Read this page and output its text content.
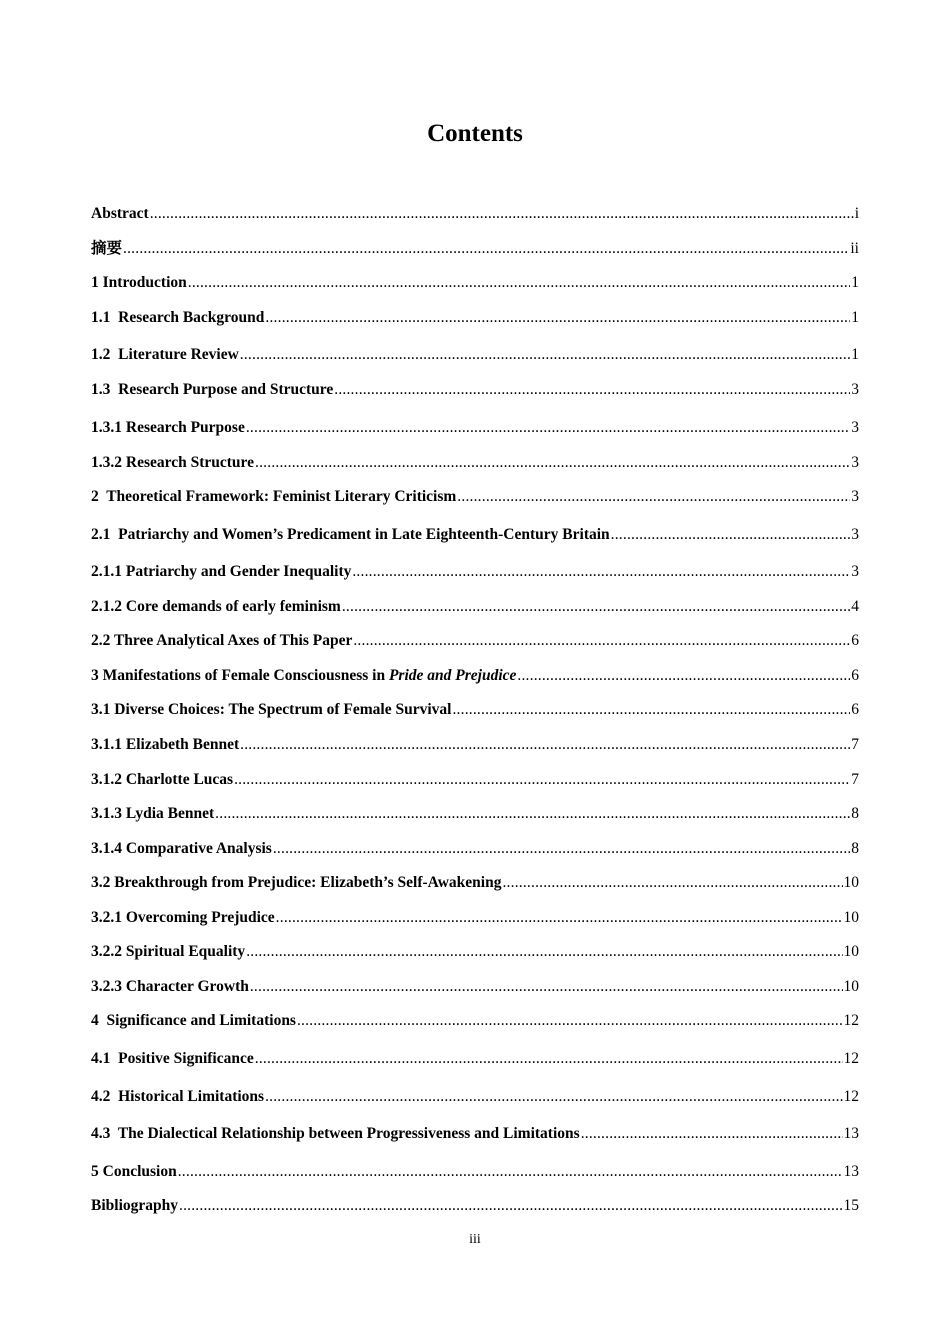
Contents
Abstract .....	i
摘要 .....	ii
1 Introduction .....	1
1.1  Research Background .....	1
1.2  Literature Review .....	1
1.3  Research Purpose and Structure .....	3
1.3.1 Research Purpose .....	3
1.3.2 Research Structure .....	3
2  Theoretical Framework: Feminist Literary Criticism .....	3
2.1  Patriarchy and Women’s Predicament in Late Eighteenth-Century Britain .....	3
2.1.1 Patriarchy and Gender Inequality .....	3
2.1.2 Core demands of early feminism .....	4
2.2 Three Analytical Axes of This Paper .....	6
3 Manifestations of Female Consciousness in Pride and Prejudice .....	6
3.1 Diverse Choices: The Spectrum of Female Survival .....	6
3.1.1 Elizabeth Bennet .....	7
3.1.2 Charlotte Lucas .....	7
3.1.3 Lydia Bennet .....	8
3.1.4 Comparative Analysis .....	8
3.2 Breakthrough from Prejudice: Elizabeth’s Self-Awakening .....	10
3.2.1 Overcoming Prejudice .....	10
3.2.2 Spiritual Equality .....	10
3.2.3 Character Growth .....	10
4  Significance and Limitations .....	12
4.1  Positive Significance .....	12
4.2  Historical Limitations .....	12
4.3  The Dialectical Relationship between Progressiveness and Limitations .....	13
5 Conclusion .....	13
Bibliography .....	15
iii
